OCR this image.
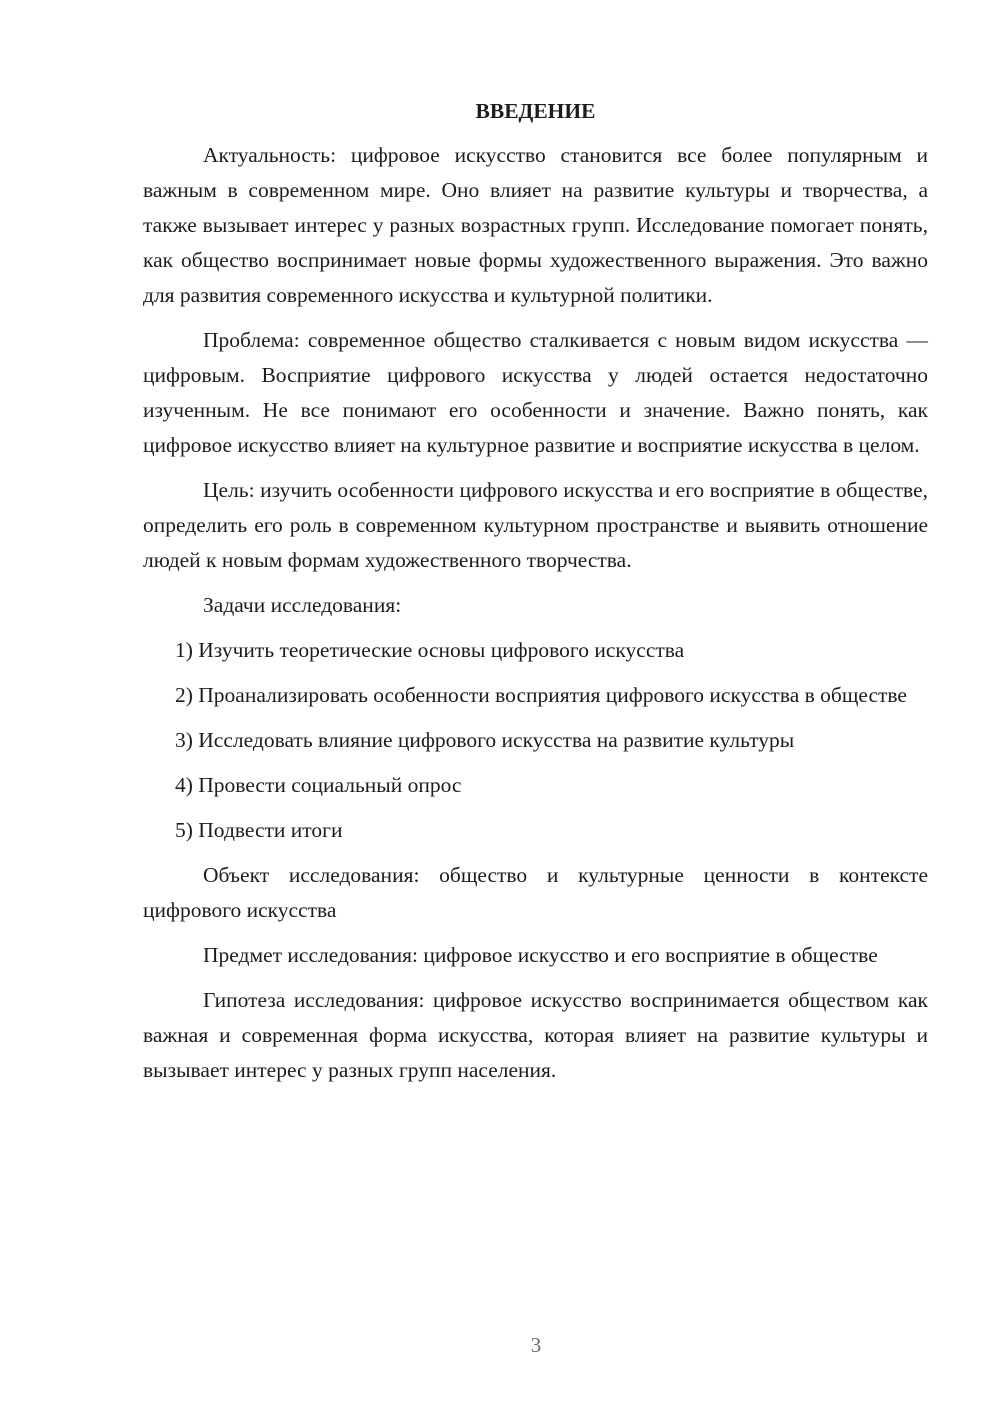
ВВЕДЕНИЕ

Актуальность: цифровое искусство становится все более популярным и важным в современном мире. Оно влияет на развитие культуры и творчества, а также вызывает интерес у разных возрастных групп. Исследование помогает понять, как общество воспринимает новые формы художественного выражения. Это важно для развития современного искусства и культурной политики.

Проблема: современное общество сталкивается с новым видом искусства — цифровым. Восприятие цифрового искусства у людей остается недостаточно изученным. Не все понимают его особенности и значение. Важно понять, как цифровое искусство влияет на культурное развитие и восприятие искусства в целом.

Цель: изучить особенности цифрового искусства и его восприятие в обществе, определить его роль в современном культурном пространстве и выявить отношение людей к новым формам художественного творчества.

Задачи исследования:

1) Изучить теоретические основы цифрового искусства

2) Проанализировать особенности восприятия цифрового искусства в обществе

3) Исследовать влияние цифрового искусства на развитие культуры

4) Провести социальный опрос

5) Подвести итоги

Объект исследования: общество и культурные ценности в контексте цифрового искусства

Предмет исследования: цифровое искусство и его восприятие в обществе

Гипотеза исследования: цифровое искусство воспринимается обществом как важная и современная форма искусства, которая влияет на развитие культуры и вызывает интерес у разных групп населения.

3
